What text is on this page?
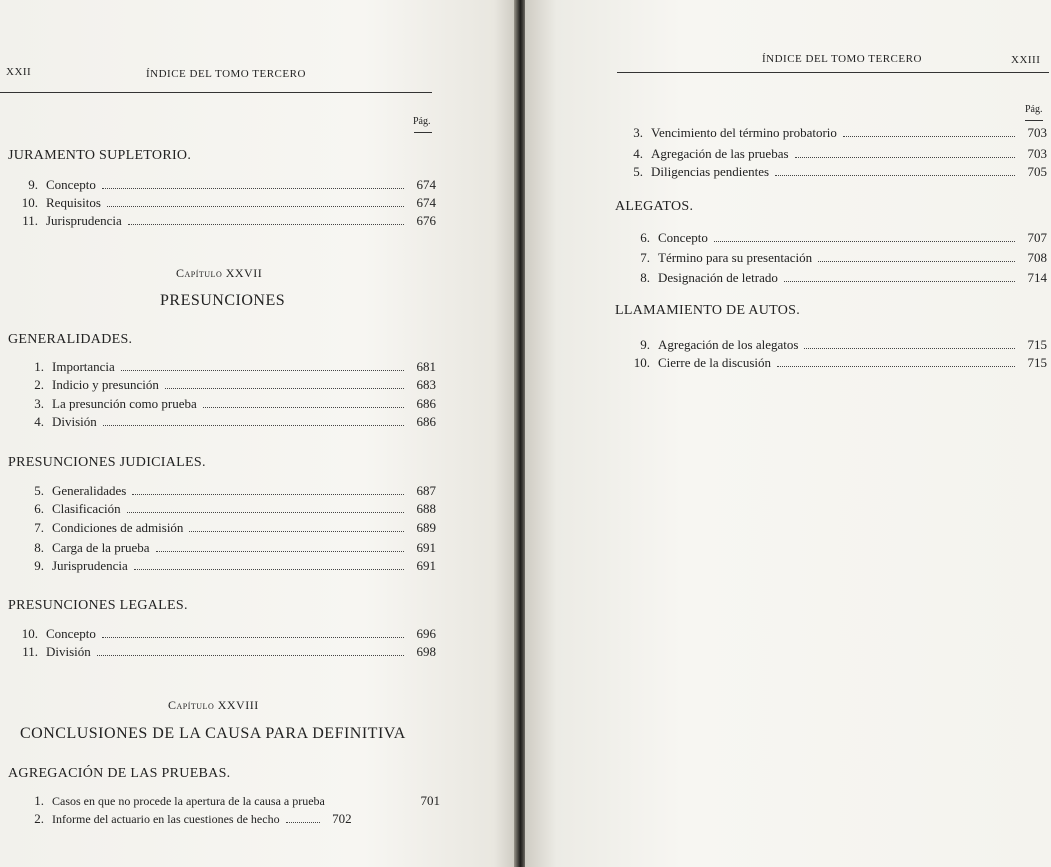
XXII	ÍNDICE DEL TOMO TERCERO
Pág.
JURAMENTO SUPLETORIO.
9. Concepto	674
10. Requisitos	674
11. Jurisprudencia	676
Capítulo XXVII
PRESUNCIONES
GENERALIDADES.
1. Importancia	681
2. Indicio y presunción	683
3. La presunción como prueba	686
4. División	686
PRESUNCIONES JUDICIALES.
5. Generalidades	687
6. Clasificación	688
7. Condiciones de admisión	689
8. Carga de la prueba	691
9. Jurisprudencia	691
PRESUNCIONES LEGALES.
10. Concepto	696
11. División	698
Capítulo XXVIII
CONCLUSIONES DE LA CAUSA PARA DEFINITIVA
AGREGACIÓN DE LAS PRUEBAS.
1. Casos en que no procede la apertura de la causa a prueba	701
2. Informe del actuario en las cuestiones de hecho	702
ÍNDICE DEL TOMO TERCERO	XXIII
Pág.
3. Vencimiento del término probatorio	703
4. Agregación de las pruebas	703
5. Diligencias pendientes	705
ALEGATOS.
6. Concepto	707
7. Término para su presentación	708
8. Designación de letrado	714
LLAMAMIENTO DE AUTOS.
9. Agregación de los alegatos	715
10. Cierre de la discusión	715
